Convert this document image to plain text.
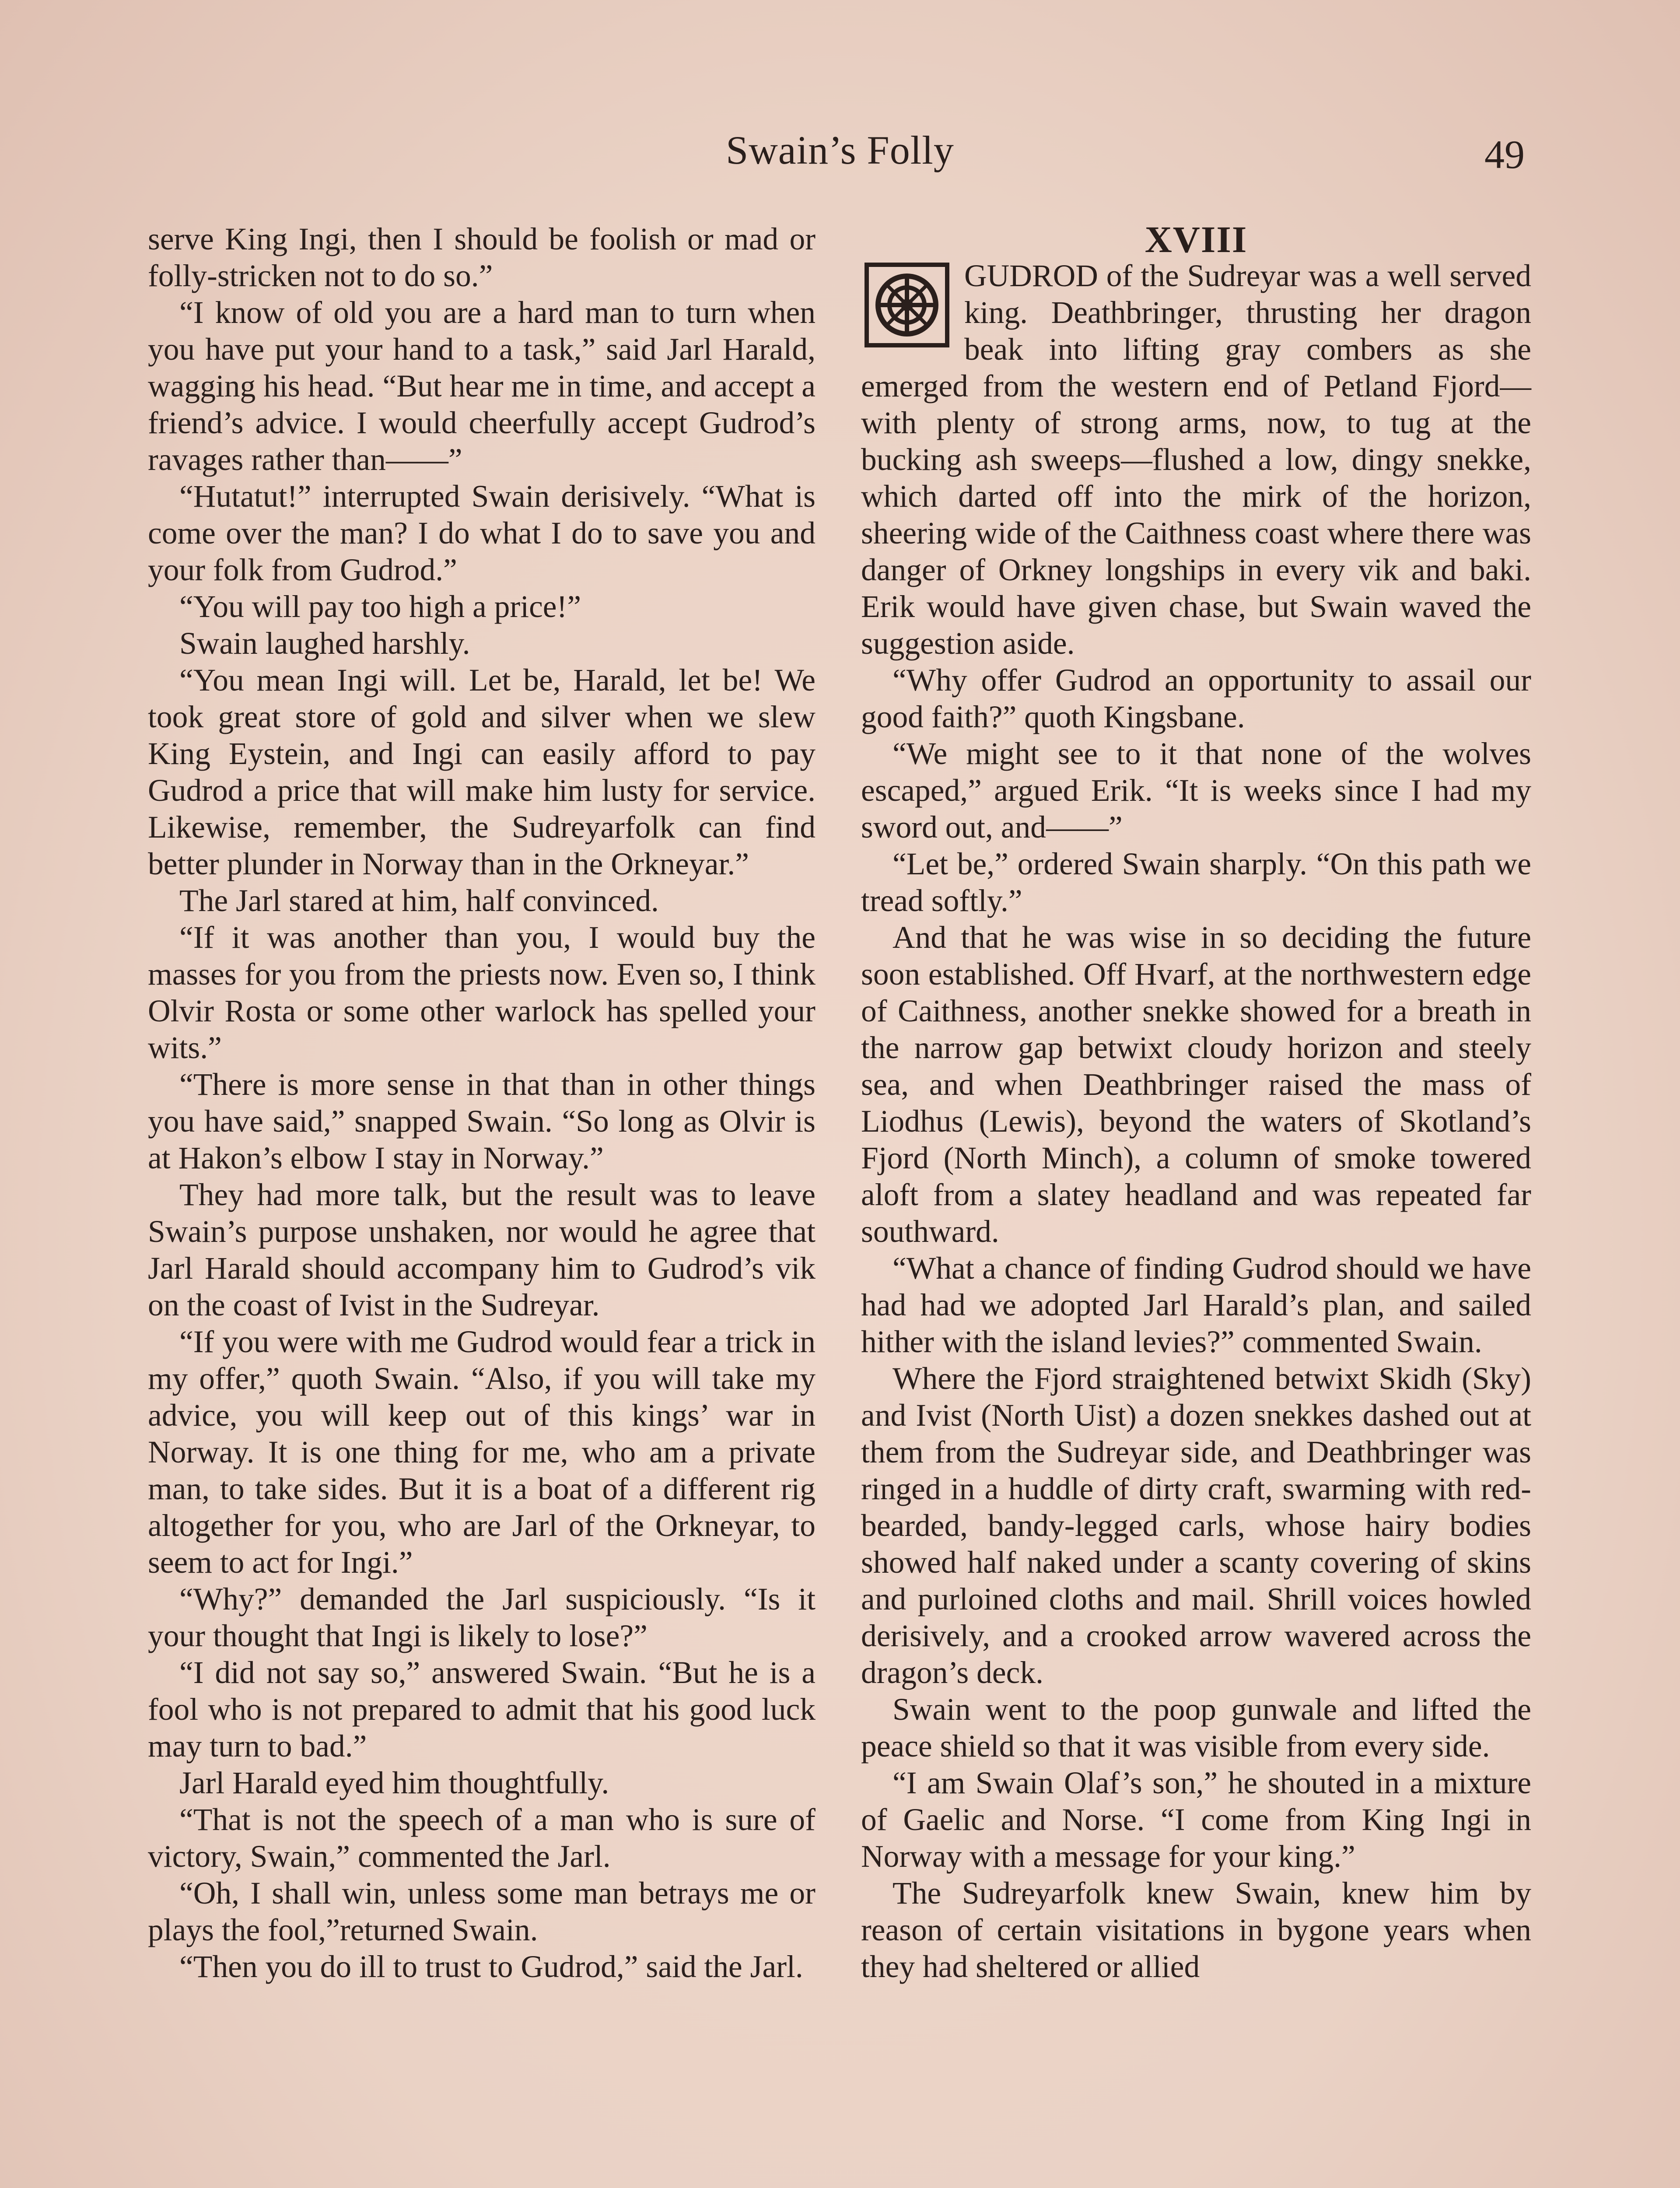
Swain’s Folly	49

serve King Ingi, then I should be foolish or mad or folly-stricken not to do so.”

“I know of old you are a hard man to turn when you have put your hand to a task,” said Jarl Harald, wagging his head. “But hear me in time, and accept a friend’s advice. I would cheerfully accept Gudrod’s ravages rather than——”

“Hutatut!” interrupted Swain derisively. “What is come over the man? I do what I do to save you and your folk from Gudrod.”

“You will pay too high a price!”

Swain laughed harshly.

“You mean Ingi will. Let be, Harald, let be! We took great store of gold and silver when we slew King Eystein, and Ingi can easily afford to pay Gudrod a price that will make him lusty for service. Likewise, remember, the Sudreyarfolk can find better plunder in Norway than in the Orkneyar.”

The Jarl stared at him, half convinced.

“If it was another than you, I would buy the masses for you from the priests now. Even so, I think Olvir Rosta or some other warlock has spelled your wits.”

“There is more sense in that than in other things you have said,” snapped Swain. “So long as Olvir is at Hakon’s elbow I stay in Norway.”

They had more talk, but the result was to leave Swain’s purpose unshaken, nor would he agree that Jarl Harald should accompany him to Gudrod’s vik on the coast of Ivist in the Sudreyar.

“If you were with me Gudrod would fear a trick in my offer,” quoth Swain. “Also, if you will take my advice, you will keep out of this kings’ war in Norway. It is one thing for me, who am a private man, to take sides. But it is a boat of a different rig altogether for you, who are Jarl of the Orkneyar, to seem to act for Ingi.”

“Why?” demanded the Jarl suspiciously. “Is it your thought that Ingi is likely to lose?”

“I did not say so,” answered Swain. “But he is a fool who is not prepared to admit that his good luck may turn to bad.”

Jarl Harald eyed him thoughtfully.

“That is not the speech of a man who is sure of victory, Swain,” commented the Jarl.

“Oh, I shall win, unless some man betrays me or plays the fool,”returned Swain.

“Then you do ill to trust to Gudrod,” said the Jarl.

XVIII

GUDROD of the Sudreyar was a well served king. Deathbringer, thrusting her dragon beak into lifting gray combers as she emerged from the western end of Petland Fjord—with plenty of strong arms, now, to tug at the bucking ash sweeps—flushed a low, dingy snekke, which darted off into the mirk of the horizon, sheering wide of the Caithness coast where there was danger of Orkney longships in every vik and baki. Erik would have given chase, but Swain waved the suggestion aside.

“Why offer Gudrod an opportunity to assail our good faith?” quoth Kingsbane.

“We might see to it that none of the wolves escaped,” argued Erik. “It is weeks since I had my sword out, and——”

“Let be,” ordered Swain sharply. “On this path we tread softly.”

And that he was wise in so deciding the future soon established. Off Hvarf, at the northwestern edge of Caithness, another snekke showed for a breath in the narrow gap betwixt cloudy horizon and steely sea, and when Deathbringer raised the mass of Liodhus (Lewis), beyond the waters of Skotland’s Fjord (North Minch), a column of smoke towered aloft from a slatey headland and was repeated far southward.

“What a chance of finding Gudrod should we have had had we adopted Jarl Harald’s plan, and sailed hither with the island levies?” commented Swain.

Where the Fjord straightened betwixt Skidh (Sky) and Ivist (North Uist) a dozen snekkes dashed out at them from the Sudreyar side, and Deathbringer was ringed in a huddle of dirty craft, swarming with red-bearded, bandy-legged carls, whose hairy bodies showed half naked under a scanty covering of skins and purloined cloths and mail. Shrill voices howled derisively, and a crooked arrow wavered across the dragon’s deck.

Swain went to the poop gunwale and lifted the peace shield so that it was visible from every side.

“I am Swain Olaf’s son,” he shouted in a mixture of Gaelic and Norse. “I come from King Ingi in Norway with a message for your king.”

The Sudreyarfolk knew Swain, knew him by reason of certain visitations in bygone years when they had sheltered or allied
